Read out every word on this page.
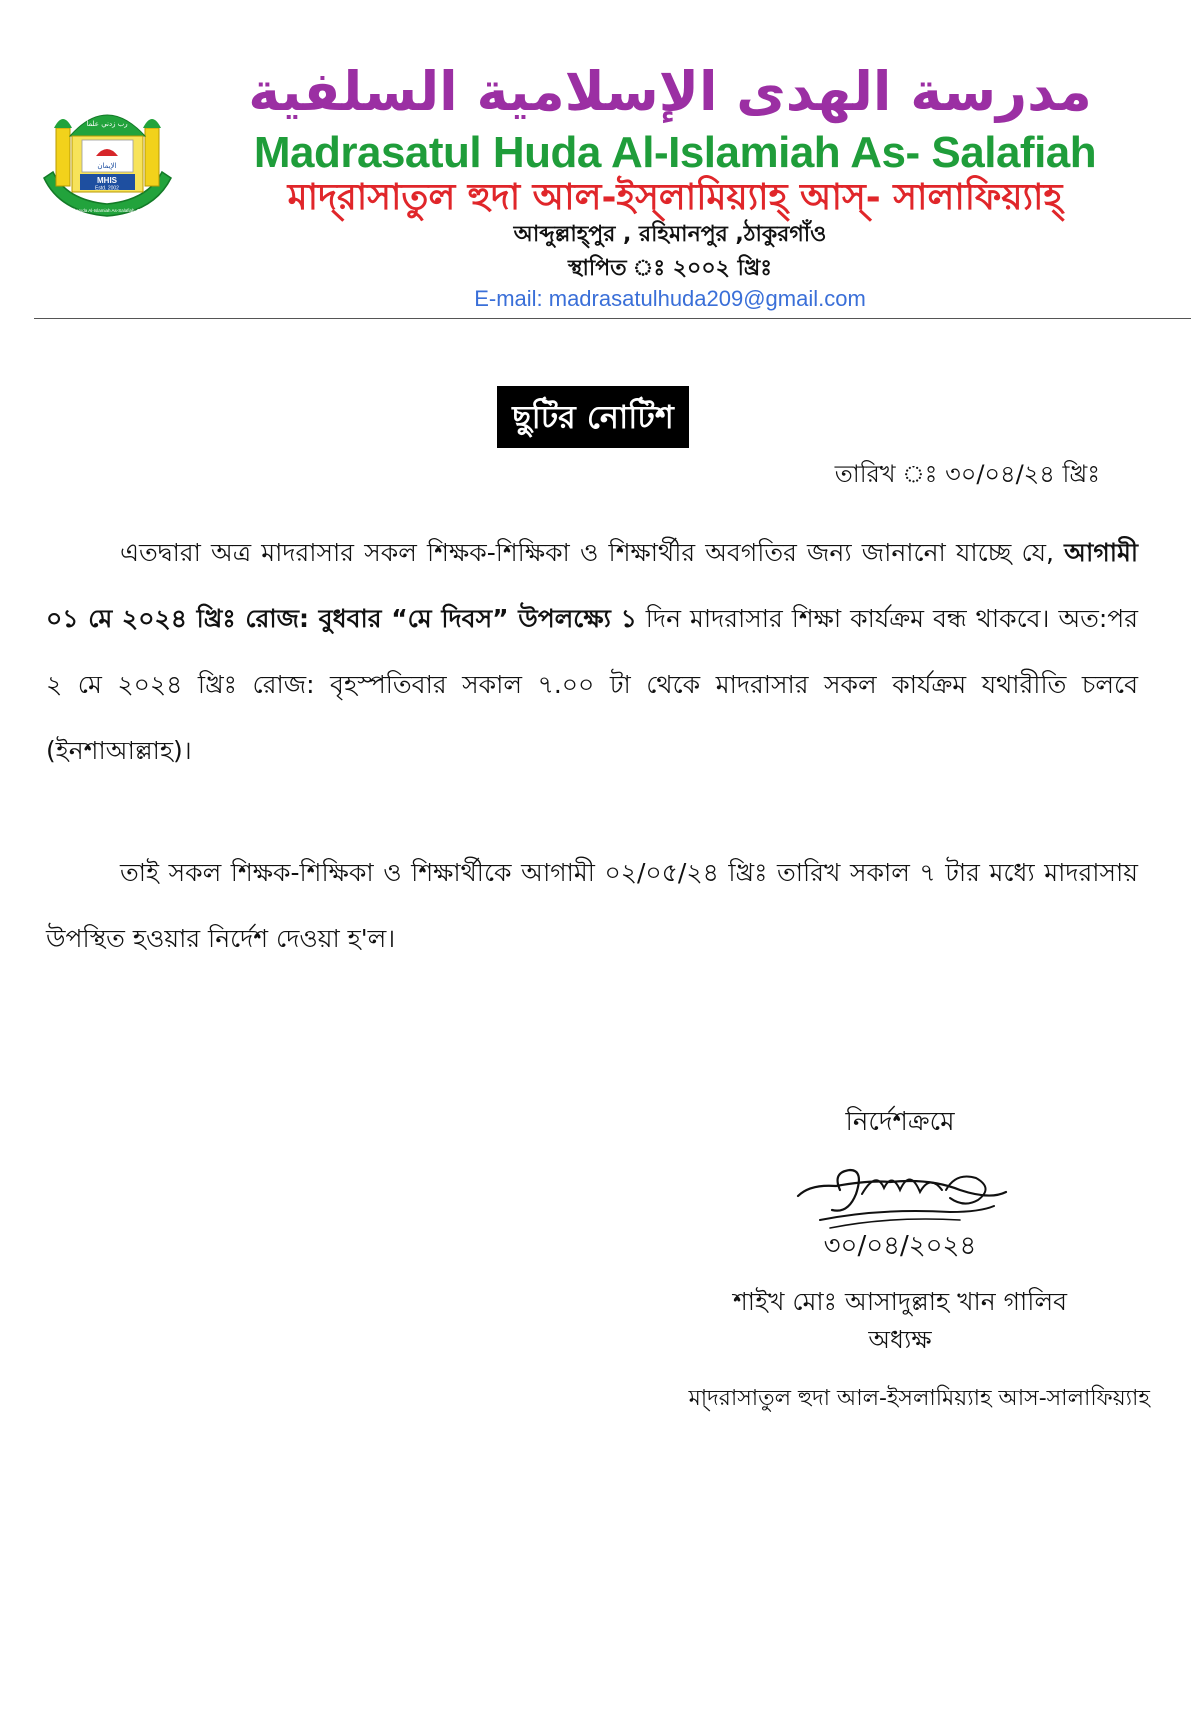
رب زدني علما
الإيمان
MHIS
Estd. 2002
Madrasatul Huda Al-Islamiah As-Salafiah, Thakurgaon
مدرسة الهدى الإسلامية السلفية
Madrasatul Huda Al-Islamiah As- Salafiah
মাদ্‌রাসাতুল হুদা আল-ইস্‌লামিয়্যাহ্‌ আস্‌- সালাফিয়্যাহ্‌
আব্দুল্লাহ্‌পুর , রহিমানপুর ,ঠাকুরগাঁও
স্থাপিত ঃ ২০০২ খ্রিঃ
E-mail: madrasatulhuda209@gmail.com
ছুটির নোটিশ
তারিখ ঃ ৩০/০৪/২৪ খ্রিঃ
এতদ্বারা অত্র মাদরাসার সকল শিক্ষক-শিক্ষিকা ও শিক্ষার্থীর অবগতির জন্য জানানো যাচ্ছে যে, আগামী ০১ মে ২০২৪ খ্রিঃ রোজ: বুধবার “মে দিবস” উপলক্ষ্যে ১ দিন মাদরাসার শিক্ষা কার্যক্রম বন্ধ থাকবে। অত:পর ২ মে ২০২৪ খ্রিঃ রোজ: বৃহস্পতিবার সকাল ৭.০০ টা থেকে মাদরাসার সকল কার্যক্রম যথারীতি চলবে (ইনশাআল্লাহ)।
তাই সকল শিক্ষক-শিক্ষিকা ও শিক্ষার্থীকে আগামী ০২/০৫/২৪ খ্রিঃ তারিখ সকাল ৭ টার মধ্যে মাদরাসায় উপস্থিত হওয়ার নির্দেশ দেওয়া হ'ল।
নির্দেশক্রমে
৩০/০৪/২০২৪
শাইখ মোঃ আসাদুল্লাহ খান গালিব
অধ্যক্ষ
মা্দরাসাতুল হুদা আল-ইসলামিয়্যাহ আস-সালাফিয়্যাহ
